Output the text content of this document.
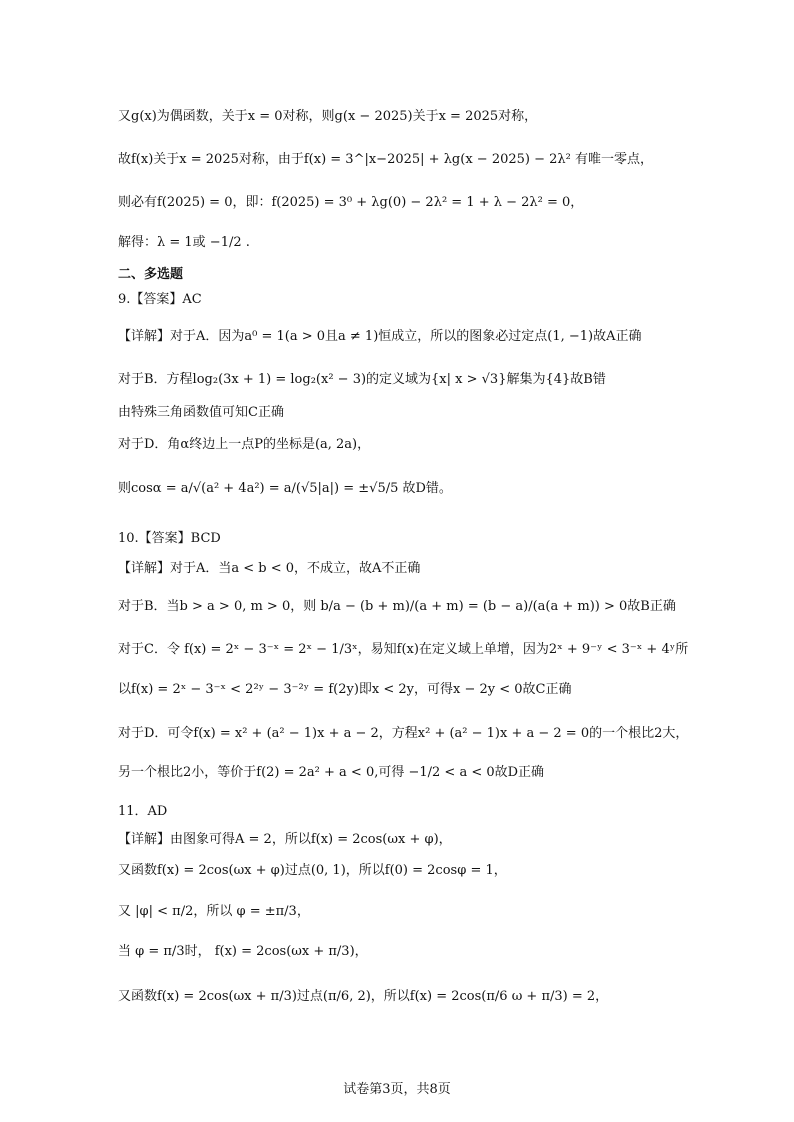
又g(x)为偶函数，关于x = 0对称，则g(x − 2025)关于x = 2025对称，
故f(x)关于x = 2025对称，由于f(x) = 3^|x−2025| + λg(x − 2025) − 2λ² 有唯一零点，
则必有f(2025) = 0，即：f(2025) = 3⁰ + λg(0) − 2λ² = 1 + λ − 2λ² = 0，
解得：λ = 1或 −1/2 .
二、多选题
9.【答案】AC
【详解】对于A．因为a⁰ = 1(a > 0且a ≠ 1)恒成立，所以的图象必过定点(1, −1)故A正确
对于B．方程log₂(3x + 1) = log₂(x² − 3)的定义域为{x| x > √3}解集为{4}故B错
由特殊三角函数值可知C正确
对于D．角α终边上一点P的坐标是(a, 2a)，
则cosα = a/√(a² + 4a²) = a/(√5|a|) = ±√5/5 故D错。
10.【答案】BCD
【详解】对于A．当a < b < 0，不成立，故A不正确
对于B．当b > a > 0, m > 0，则 b/a − (b + m)/(a + m) = (b − a)/(a(a + m)) > 0故B正确
对于C．令 f(x) = 2ˣ − 3⁻ˣ = 2ˣ − 1/3ˣ，易知f(x)在定义域上单增，因为2ˣ + 9⁻ʸ < 3⁻ˣ + 4ʸ所
以f(x) = 2ˣ − 3⁻ˣ < 2²ʸ − 3⁻²ʸ = f(2y)即x < 2y，可得x − 2y < 0故C正确
对于D．可令f(x) = x² + (a² − 1)x + a − 2，方程x² + (a² − 1)x + a − 2 = 0的一个根比2大，
另一个根比2小，等价于f(2) = 2a² + a < 0,可得 −1/2 < a < 0故D正确
11．AD
【详解】由图象可得A = 2，所以f(x) = 2cos(ωx + φ)，
又函数f(x) = 2cos(ωx + φ)过点(0, 1)，所以f(0) = 2cosφ = 1，
又 |φ| < π/2，所以 φ = ±π/3，
当 φ = π/3时， f(x) = 2cos(ωx + π/3)，
又函数f(x) = 2cos(ωx + π/3)过点(π/6, 2)，所以f(x) = 2cos(π/6 ω + π/3) = 2，
试卷第3页，共8页
